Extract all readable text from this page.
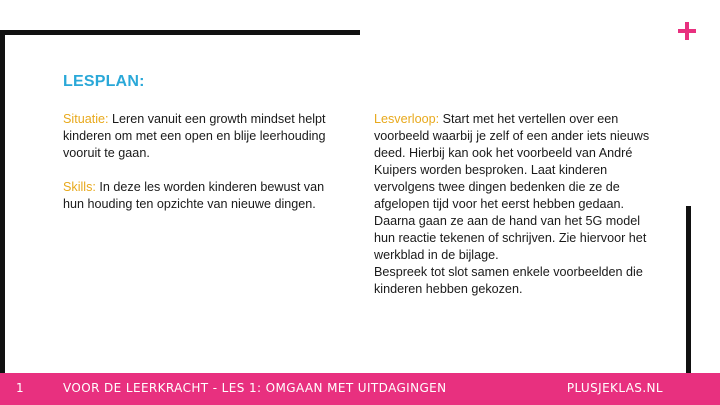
LESPLAN:

Situatie: Leren vanuit een growth mindset helpt kinderen om met een open en blije leerhouding vooruit te gaan.

Skills: In deze les worden kinderen bewust van hun houding ten opzichte van nieuwe dingen.

Lesverloop: Start met het vertellen over een voorbeeld waarbij je zelf of een ander iets nieuws deed. Hierbij kan ook het voorbeeld van André Kuipers worden besproken. Laat kinderen vervolgens twee dingen bedenken die ze de afgelopen tijd voor het eerst hebben gedaan. Daarna gaan ze aan de hand van het 5G model hun reactie tekenen of schrijven. Zie hiervoor het werkblad in de bijlage.

Bespreek tot slot samen enkele voorbeelden die kinderen hebben gekozen.

1	VOOR DE LEERKRACHT - LES 1: OMGAAN MET UITDAGINGEN	PLUSJEKLAS.NL
